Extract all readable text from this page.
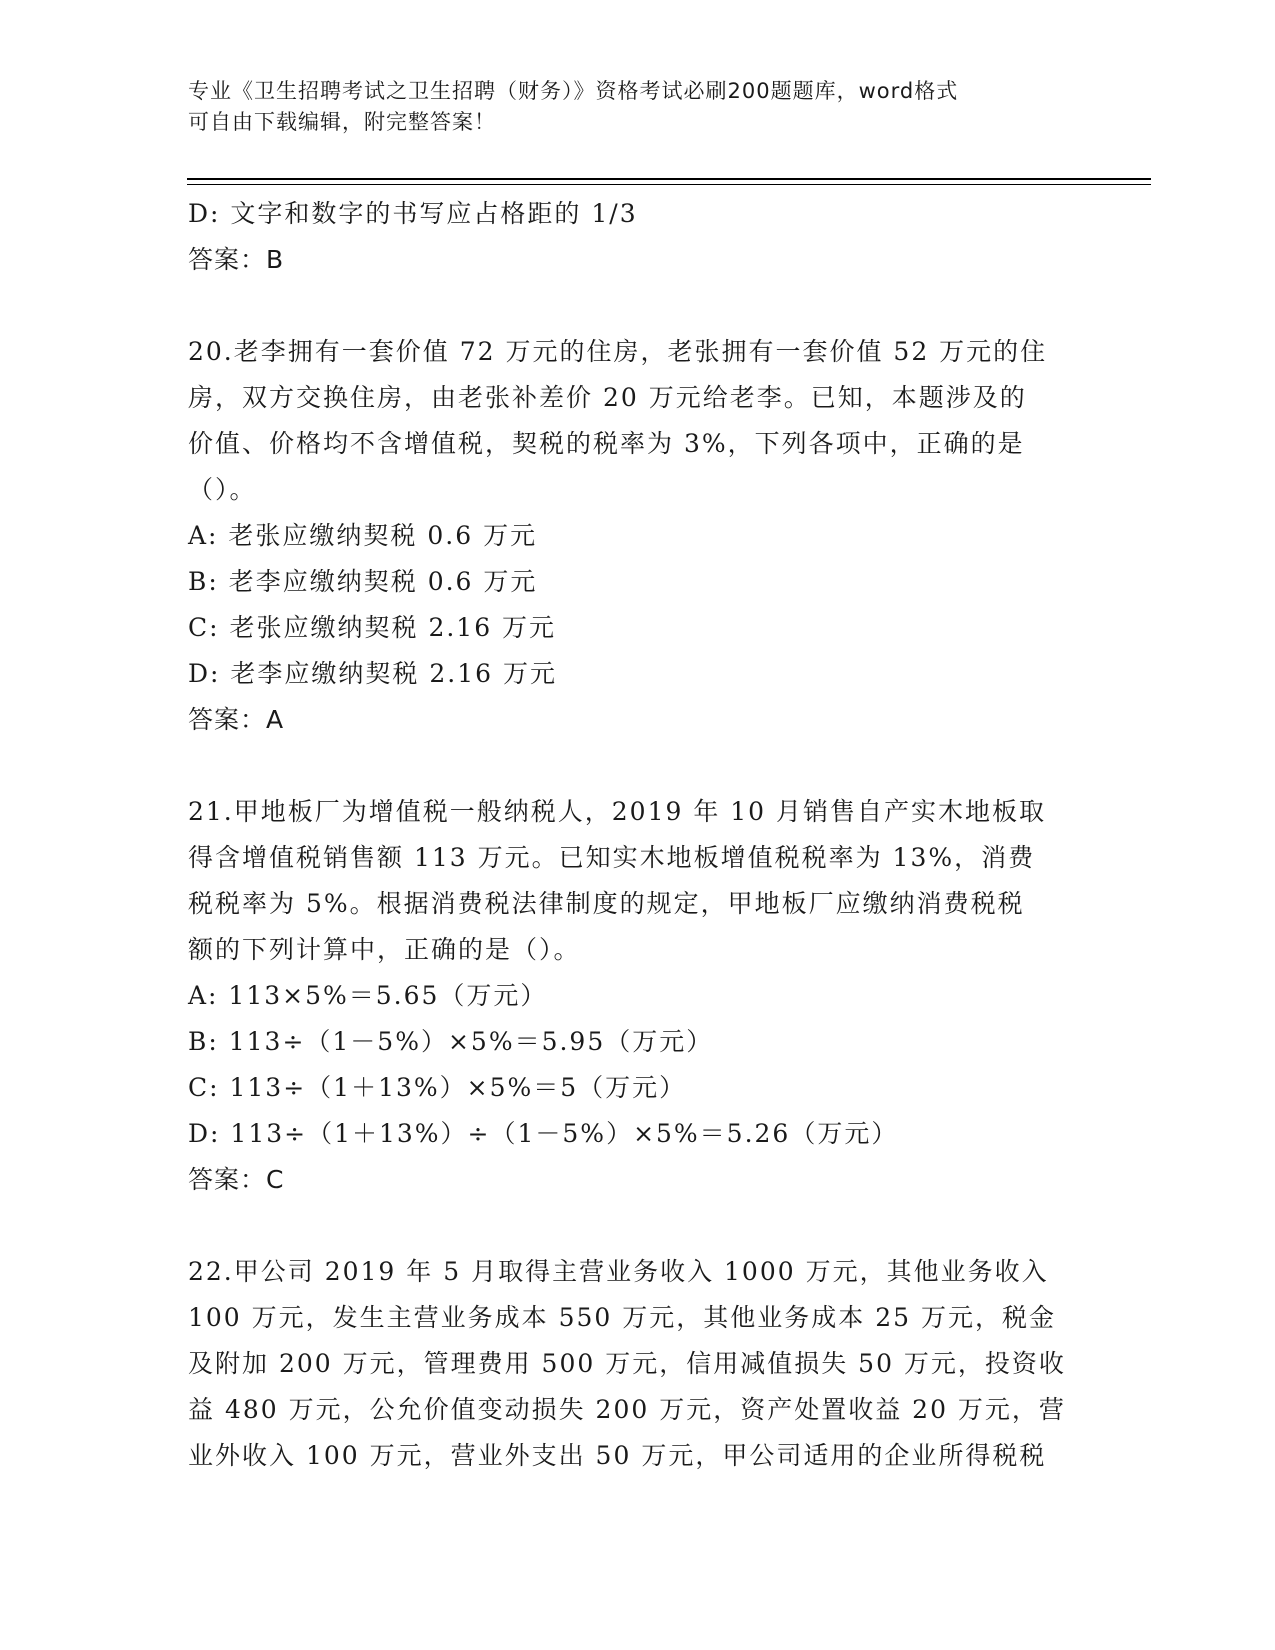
专业《卫生招聘考试之卫生招聘（财务）》资格考试必刷200题题库，word格式
可自由下载编辑，附完整答案！
D: 文字和数字的书写应占格距的 1/3
答案：B
20.老李拥有一套价值 72 万元的住房，老张拥有一套价值 52 万元的住
房，双方交换住房，由老张补差价 20 万元给老李。已知，本题涉及的
价值、价格均不含增值税，契税的税率为 3%，下列各项中，正确的是
（）。
A: 老张应缴纳契税 0.6 万元
B: 老李应缴纳契税 0.6 万元
C: 老张应缴纳契税 2.16 万元
D: 老李应缴纳契税 2.16 万元
答案：A
21.甲地板厂为增值税一般纳税人，2019 年 10 月销售自产实木地板取
得含增值税销售额 113 万元。已知实木地板增值税税率为 13%，消费
税税率为 5%。根据消费税法律制度的规定，甲地板厂应缴纳消费税税
额的下列计算中，正确的是（）。
A: 113×5%＝5.65（万元）
B: 113÷（1－5%）×5%＝5.95（万元）
C: 113÷（1＋13%）×5%＝5（万元）
D: 113÷（1＋13%）÷（1－5%）×5%＝5.26（万元）
答案：C
22.甲公司 2019 年 5 月取得主营业务收入 1000 万元，其他业务收入
100 万元，发生主营业务成本 550 万元，其他业务成本 25 万元，税金
及附加 200 万元，管理费用 500 万元，信用减值损失 50 万元，投资收
益 480 万元，公允价值变动损失 200 万元，资产处置收益 20 万元，营
业外收入 100 万元，营业外支出 50 万元，甲公司适用的企业所得税税
